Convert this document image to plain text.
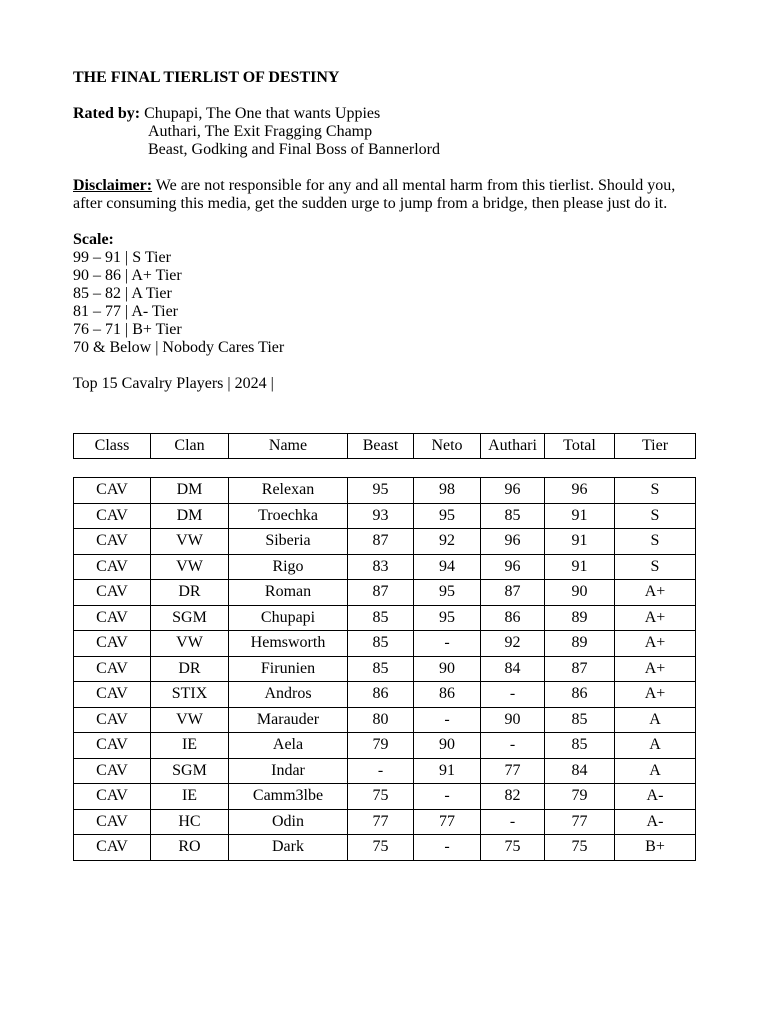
THE FINAL TIERLIST OF DESTINY
Rated by: Chupapi, The One that wants Uppies
Authari, The Exit Fragging Champ
Beast, Godking and Final Boss of Bannerlord
Disclaimer: We are not responsible for any and all mental harm from this tierlist. Should you, after consuming this media, get the sudden urge to jump from a bridge, then please just do it.
Scale:
99 – 91 | S Tier
90 – 86 | A+ Tier
85 – 82 | A Tier
81 – 77 | A- Tier
76 – 71 | B+ Tier
70 & Below | Nobody Cares Tier
Top 15 Cavalry Players | 2024 |
Class	Clan	Name	Beast	Neto	Authari	Total	Tier
CAV	DM	Relexan	95	98	96	96	S
CAV	DM	Troechka	93	95	85	91	S
CAV	VW	Siberia	87	92	96	91	S
CAV	VW	Rigo	83	94	96	91	S
CAV	DR	Roman	87	95	87	90	A+
CAV	SGM	Chupapi	85	95	86	89	A+
CAV	VW	Hemsworth	85	-	92	89	A+
CAV	DR	Firunien	85	90	84	87	A+
CAV	STIX	Andros	86	86	-	86	A+
CAV	VW	Marauder	80	-	90	85	A
CAV	IE	Aela	79	90	-	85	A
CAV	SGM	Indar	-	91	77	84	A
CAV	IE	Camm3lbe	75	-	82	79	A-
CAV	HC	Odin	77	77	-	77	A-
CAV	RO	Dark	75	-	75	75	B+
